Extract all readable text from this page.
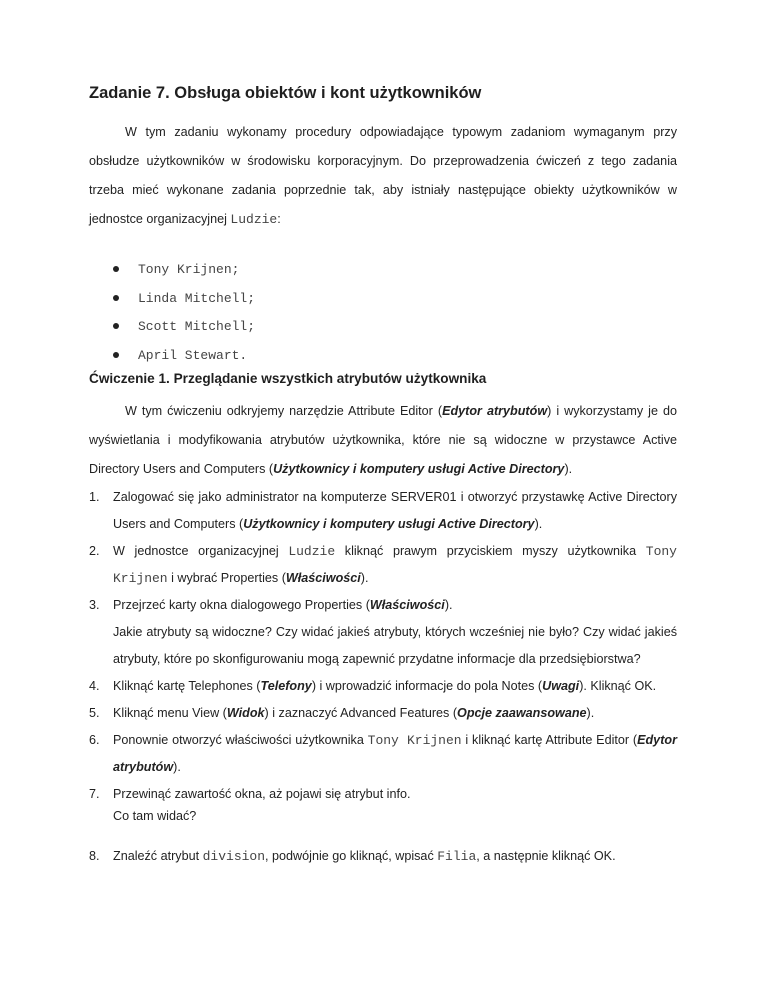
Zadanie 7. Obsługa obiektów i kont użytkowników

W tym zadaniu wykonamy procedury odpowiadające typowym zadaniom wymaganym przy obsłudze użytkowników w środowisku korporacyjnym. Do przeprowadzenia ćwiczeń z tego zadania trzeba mieć wykonane zadania poprzednie tak, aby istniały następujące obiekty użytkowników w jednostce organizacyjnej Ludzie:

Tony Krijnen;
Linda Mitchell;
Scott Mitchell;
April Stewart.
Ćwiczenie 1. Przeglądanie wszystkich atrybutów użytkownika

W tym ćwiczeniu odkryjemy narzędzie Attribute Editor (Edytor atrybutów) i wykorzystamy je do wyświetlania i modyfikowania atrybutów użytkownika, które nie są widoczne w przystawce Active Directory Users and Computers (Użytkownicy i komputery usługi Active Directory).

1. Zalogować się jako administrator na komputerze SERVER01 i otworzyć przystawkę Active Directory Users and Computers (Użytkownicy i komputery usługi Active Directory).
2. W jednostce organizacyjnej Ludzie kliknąć prawym przyciskiem myszy użytkownika Tony Krijnen i wybrać Properties (Właściwości).
3. Przejrzeć karty okna dialogowego Properties (Właściwości).
Jakie atrybuty są widoczne? Czy widać jakieś atrybuty, których wcześniej nie było? Czy widać jakieś atrybuty, które po skonfigurowaniu mogą zapewnić przydatne informacje dla przedsiębiorstwa?
4. Kliknąć kartę Telephones (Telefony) i wprowadzić informacje do pola Notes (Uwagi). Kliknąć OK.
5. Kliknąć menu View (Widok) i zaznaczyć Advanced Features (Opcje zaawansowane).
6. Ponownie otworzyć właściwości użytkownika Tony Krijnen i kliknąć kartę Attribute Editor (Edytor atrybutów).
7. Przewinąć zawartość okna, aż pojawi się atrybut info.

Co tam widać?

8. Znaleźć atrybut division, podwójnie go kliknąć, wpisać Filia, a następnie kliknąć OK.
